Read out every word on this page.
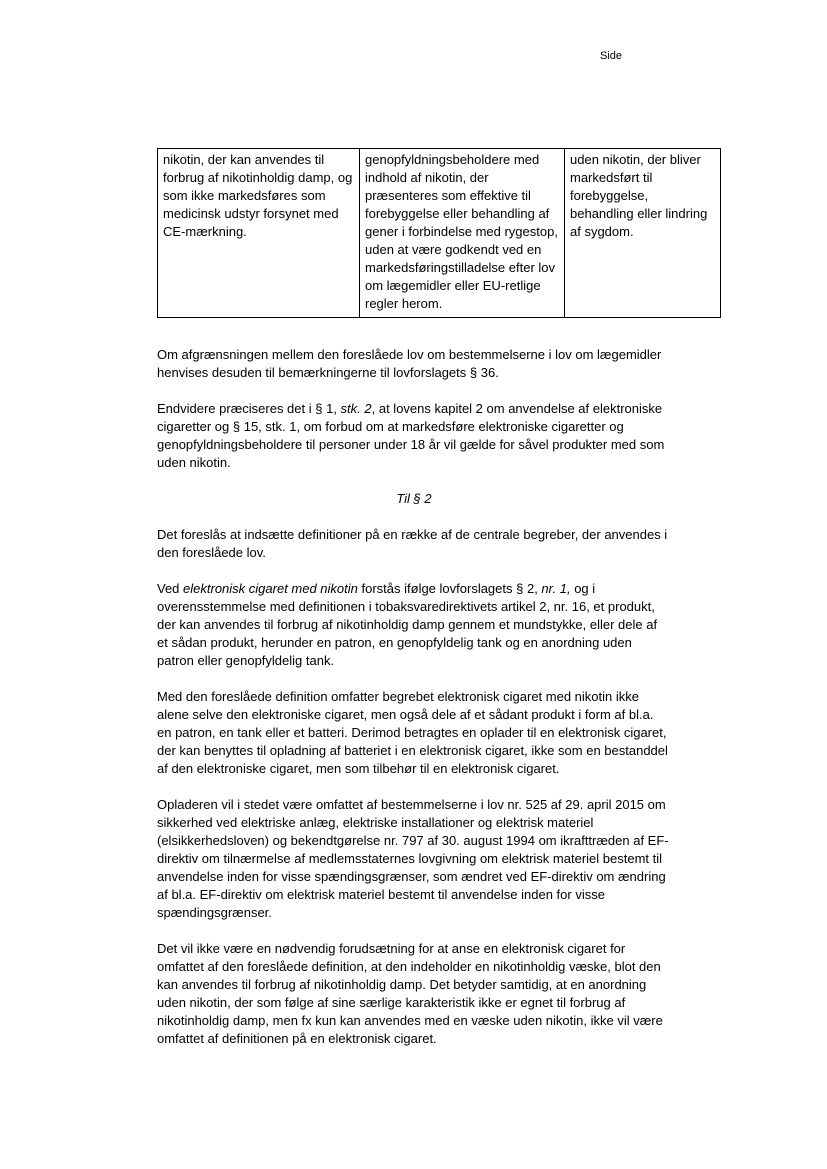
Side
nikotin, der kan anvendes til forbrug af nikotinholdig damp, og som ikke markedsføres som medicinsk udstyr forsynet med CE-mærkning.	genopfyldningsbeholdere med indhold af nikotin, der præsenteres som effektive til forebyggelse eller behandling af gener i forbindelse med rygestop, uden at være godkendt ved en markedsføringstilladelse efter lov om lægemidler eller EU-retlige regler herom.	uden nikotin, der bliver markedsført til forebyggelse, behandling eller lindring af sygdom.

Om afgrænsningen mellem den foreslåede lov om bestemmelserne i lov om lægemidler henvises desuden til bemærkningerne til lovforslagets § 36.

Endvidere præciseres det i § 1, stk. 2, at lovens kapitel 2 om anvendelse af elektroniske cigaretter og § 15, stk. 1, om forbud om at markedsføre elektroniske cigaretter og genopfyldningsbeholdere til personer under 18 år vil gælde for såvel produkter med som uden nikotin.

Til § 2

Det foreslås at indsætte definitioner på en række af de centrale begreber, der anvendes i den foreslåede lov.

Ved elektronisk cigaret med nikotin forstås ifølge lovforslagets § 2, nr. 1, og i overensstemmelse med definitionen i tobaksvaredirektivets artikel 2, nr. 16, et produkt, der kan anvendes til forbrug af nikotinholdig damp gennem et mundstykke, eller dele af et sådan produkt, herunder en patron, en genopfyldelig tank og en anordning uden patron eller genopfyldelig tank.

Med den foreslåede definition omfatter begrebet elektronisk cigaret med nikotin ikke alene selve den elektroniske cigaret, men også dele af et sådant produkt i form af bl.a. en patron, en tank eller et batteri. Derimod betragtes en oplader til en elektronisk cigaret, der kan benyttes til opladning af batteriet i en elektronisk cigaret, ikke som en bestanddel af den elektroniske cigaret, men som tilbehør til en elektronisk cigaret.

Opladeren vil i stedet være omfattet af bestemmelserne i lov nr. 525 af 29. april 2015 om sikkerhed ved elektriske anlæg, elektriske installationer og elektrisk materiel (elsikkerhedsloven) og bekendtgørelse nr. 797 af 30. august 1994 om ikrafttræden af EF-direktiv om tilnærmelse af medlemsstaternes lovgivning om elektrisk materiel bestemt til anvendelse inden for visse spændingsgrænser, som ændret ved EF-direktiv om ændring af bl.a. EF-direktiv om elektrisk materiel bestemt til anvendelse inden for visse spændingsgrænser.

Det vil ikke være en nødvendig forudsætning for at anse en elektronisk cigaret for omfattet af den foreslåede definition, at den indeholder en nikotinholdig væske, blot den kan anvendes til forbrug af nikotinholdig damp. Det betyder samtidig, at en anordning uden nikotin, der som følge af sine særlige karakteristik ikke er egnet til forbrug af nikotinholdig damp, men fx kun kan anvendes med en væske uden nikotin, ikke vil være omfattet af definitionen på en elektronisk cigaret.
